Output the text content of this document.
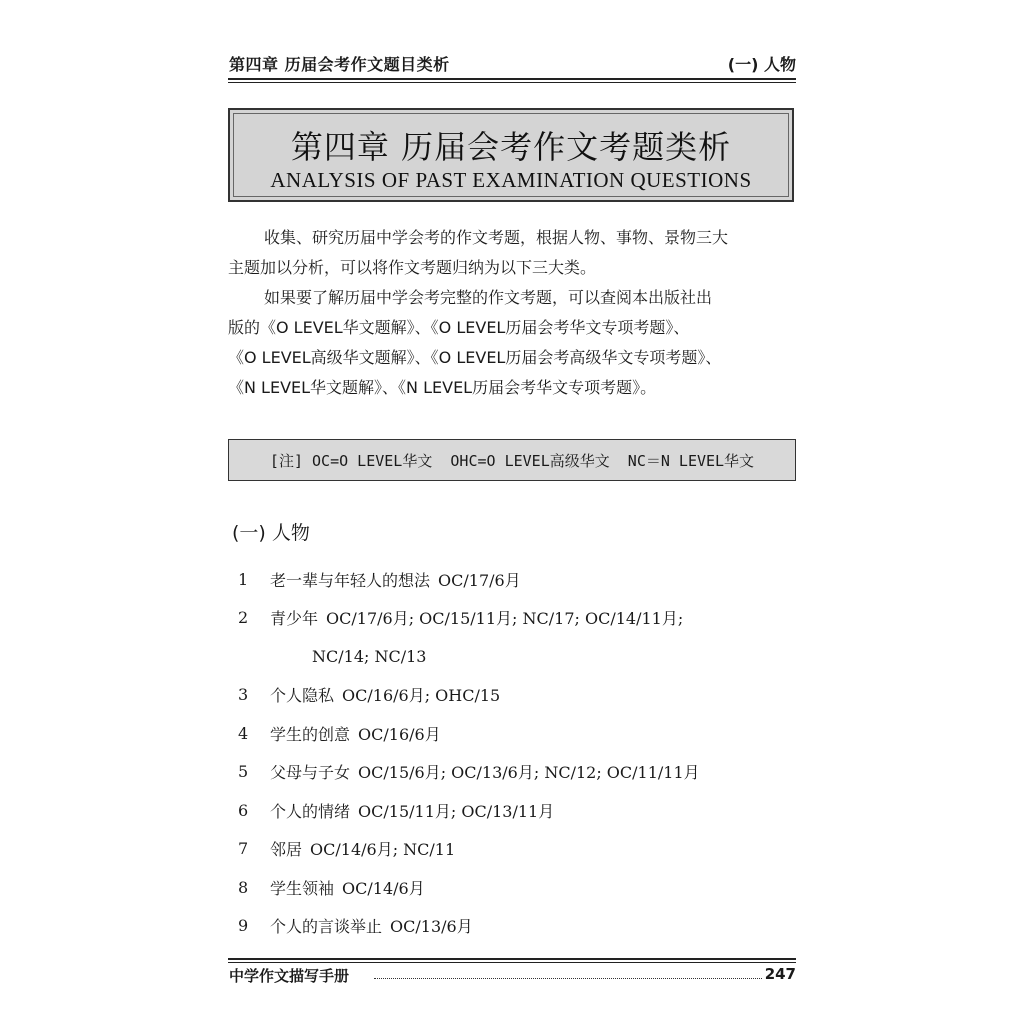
第四章 历届会考作文题目类析	(一) 人物
第四章 历届会考作文考题类析
ANALYSIS OF PAST EXAMINATION QUESTIONS

收集、研究历届中学会考的作文考题，根据人物、事物、景物三大

主题加以分析，可以将作文考题归纳为以下三大类。

如果要了解历届中学会考完整的作文考题，可以查阅本出版社出

版的《O LEVEL华文题解》、《O LEVEL历届会考华文专项考题》、

《O LEVEL高级华文题解》、《O LEVEL历届会考高级华文专项考题》、

《N LEVEL华文题解》、《N LEVEL历届会考华文专项考题》。

[注] OC=O LEVEL华文  OHC=O LEVEL高级华文  NC＝N LEVEL华文
(一) 人物
1	老一辈与年轻人的想法 OC/17/6月
2	青少年 OC/17/6月; OC/15/11月; NC/17; OC/14/11月;
NC/14; NC/13
3	个人隐私 OC/16/6月; OHC/15
4	学生的创意 OC/16/6月
5	父母与子女 OC/15/6月; OC/13/6月; NC/12; OC/11/11月
6	个人的情绪 OC/15/11月; OC/13/11月
7	邻居 OC/14/6月; NC/11
8	学生领袖 OC/14/6月
9	个人的言谈举止 OC/13/6月
中学作文描写手册	247
